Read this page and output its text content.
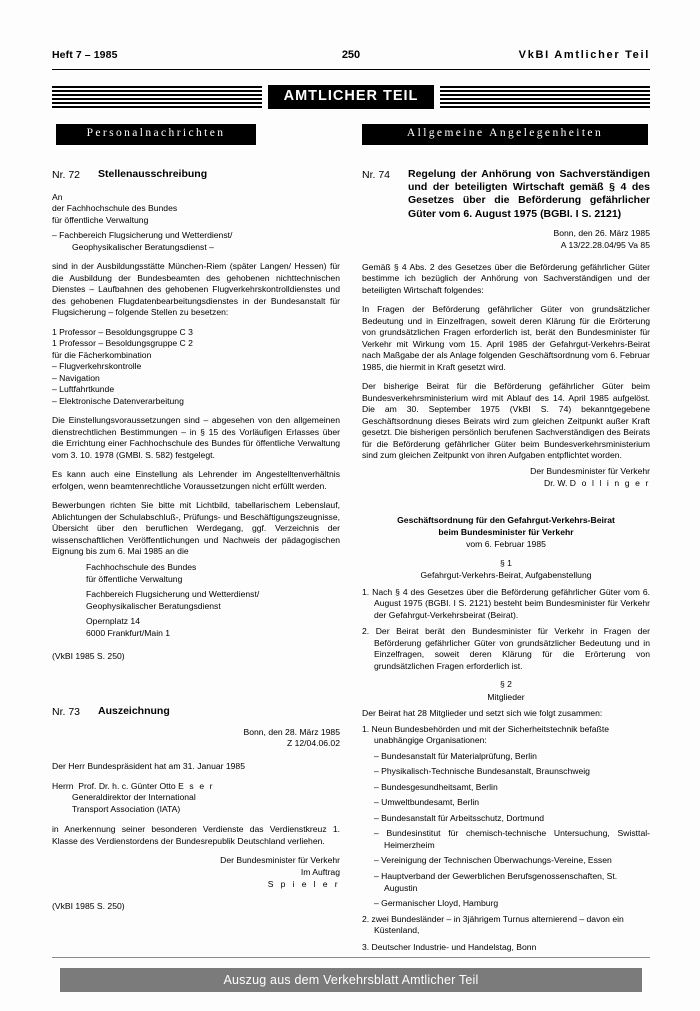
Heft 7 – 1985	250	VkBI Amtlicher Teil
AMTLICHER TEIL
Personalnachrichten
Nr. 72	Stellenausschreibung

An

der Fachhochschule des Bundes

für öffentliche Verwaltung

– Fachbereich Flugsicherung und Wetterdienst/

Geophysikalischer Beratungsdienst –

sind in der Ausbildungsstätte München-Riem (später Langen/ Hessen) für die Ausbildung der Bundesbeamten des gehobenen nichttechnischen Dienstes – Laufbahnen des gehobenen Flugverkehrskontrolldienstes und des gehobenen Flugdatenbearbeitungsdienstes in der Bundesanstalt für Flugsicherung – folgende Stellen zu besetzen:

1 Professor – Besoldungsgruppe C 3

1 Professor – Besoldungsgruppe C 2

für die Fächerkombination

– Flugverkehrskontrolle

– Navigation

– Luftfahrtkunde

– Elektronische Datenverarbeitung

Die Einstellungsvoraussetzungen sind – abgesehen von den allgemeinen dienstrechtlichen Bestimmungen – in § 15 des Vorläufigen Erlasses über die Errichtung einer Fachhochschule des Bundes für öffentliche Verwaltung vom 3. 10. 1978 (GMBl. S. 582) festgelegt.

Es kann auch eine Einstellung als Lehrender im Angestelltenverhältnis erfolgen, wenn beamtenrechtliche Voraussetzungen nicht erfüllt werden.

Bewerbungen richten Sie bitte mit Lichtbild, tabellarischem Lebenslauf, Ablichtungen der Schulabschluß-, Prüfungs- und Beschäftigungszeugnisse, Übersicht über den beruflichen Werdegang, ggf. Verzeichnis der wissenschaftlichen Veröffentlichungen und Nachweis der pädagogischen Eignung bis zum 6. Mai 1985 an die

Fachhochschule des Bundes

für öffentliche Verwaltung

Fachbereich Flugsicherung und Wetterdienst/

Geophysikalischer Beratungsdienst

Opernplatz 14

6000 Frankfurt/Main 1

(VkBI 1985 S. 250)

Nr. 73	Auszeichnung
Bonn, den 28. März 1985
Z 12/04.06.02

Der Herr Bundespräsident hat am 31. Januar 1985

Herrn Prof. Dr. h. c. Günter Otto E s e r

Generaldirektor der International

Transport Association (IATA)

in Anerkennung seiner besonderen Verdienste das Verdienstkreuz 1. Klasse des Verdienstordens der Bundesrepublik Deutschland verliehen.

Der Bundesminister für Verkehr
Im Auftrag
S p i e l e r

(VkBI 1985 S. 250)

Allgemeine Angelegenheiten
Nr. 74	Regelung der Anhörung von Sachverständigen und der beteiligten Wirtschaft gemäß § 4 des Gesetzes über die Beförderung gefährlicher Güter vom 6. August 1975 (BGBI. I S. 2121)
Bonn, den 26. März 1985
A 13/22.28.04/95 Va 85

Gemäß § 4 Abs. 2 des Gesetzes über die Beförderung gefährlicher Güter bestimme ich bezüglich der Anhörung von Sachverständigen und der beteiligten Wirtschaft folgendes:

In Fragen der Beförderung gefährlicher Güter von grundsätzlicher Bedeutung und in Einzelfragen, soweit deren Klärung für die Erörterung von grundsätzlichen Fragen erforderlich ist, berät den Bundesminister für Verkehr mit Wirkung vom 15. April 1985 der Gefahrgut-Verkehrs-Beirat nach Maßgabe der als Anlage folgenden Geschäftsordnung vom 6. Februar 1985, die hiermit in Kraft gesetzt wird.

Der bisherige Beirat für die Beförderung gefährlicher Güter beim Bundesverkehrsministerium wird mit Ablauf des 14. April 1985 aufgelöst. Die am 30. September 1975 (VkBI S. 74) bekanntgegebene Geschäftsordnung dieses Beirats wird zum gleichen Zeitpunkt außer Kraft gesetzt. Die bisherigen persönlich berufenen Sachverständigen des Beirats für die Beförderung gefährlicher Güter beim Bundesverkehrsministerium sind zum gleichen Zeitpunkt von ihren Aufgaben entpflichtet worden.

Der Bundesminister für Verkehr
Dr. W. D o l l i n g e r
Geschäftsordnung für den Gefahrgut-Verkehrs-Beirat
beim Bundesminister für Verkehr
vom 6. Februar 1985
§ 1
Gefahrgut-Verkehrs-Beirat, Aufgabenstellung

1. Nach § 4 des Gesetzes über die Beförderung gefährlicher Güter vom 6. August 1975 (BGBI. I S. 2121) besteht beim Bundesminister für Verkehr der Gefahrgut-Verkehrsbeirat (Beirat).

2. Der Beirat berät den Bundesminister für Verkehr in Fragen der Beförderung gefährlicher Güter von grundsätzlicher Bedeutung und in Einzelfragen, soweit deren Klärung für die Erörterung von grundsätzlichen Fragen erforderlich ist.

§ 2
Mitglieder

Der Beirat hat 28 Mitglieder und setzt sich wie folgt zusammen:

1. Neun Bundesbehörden und mit der Sicherheitstechnik befaßte unabhängige Organisationen:

– Bundesanstalt für Materialprüfung, Berlin

– Physikalisch-Technische Bundesanstalt, Braunschweig

– Bundesgesundheitsamt, Berlin

– Umweltbundesamt, Berlin

– Bundesanstalt für Arbeitsschutz, Dortmund

– Bundesinstitut für chemisch-technische Untersuchung, Swisttal-Heimerzheim

– Vereinigung der Technischen Überwachungs-Vereine, Essen

– Hauptverband der Gewerblichen Berufsgenossenschaften, St. Augustin

– Germanischer Lloyd, Hamburg

2. zwei Bundesländer – in 3jährigem Turnus alternierend – davon ein Küstenland,

3. Deutscher Industrie- und Handelstag, Bonn

Auszug aus dem Verkehrsblatt Amtlicher Teil
